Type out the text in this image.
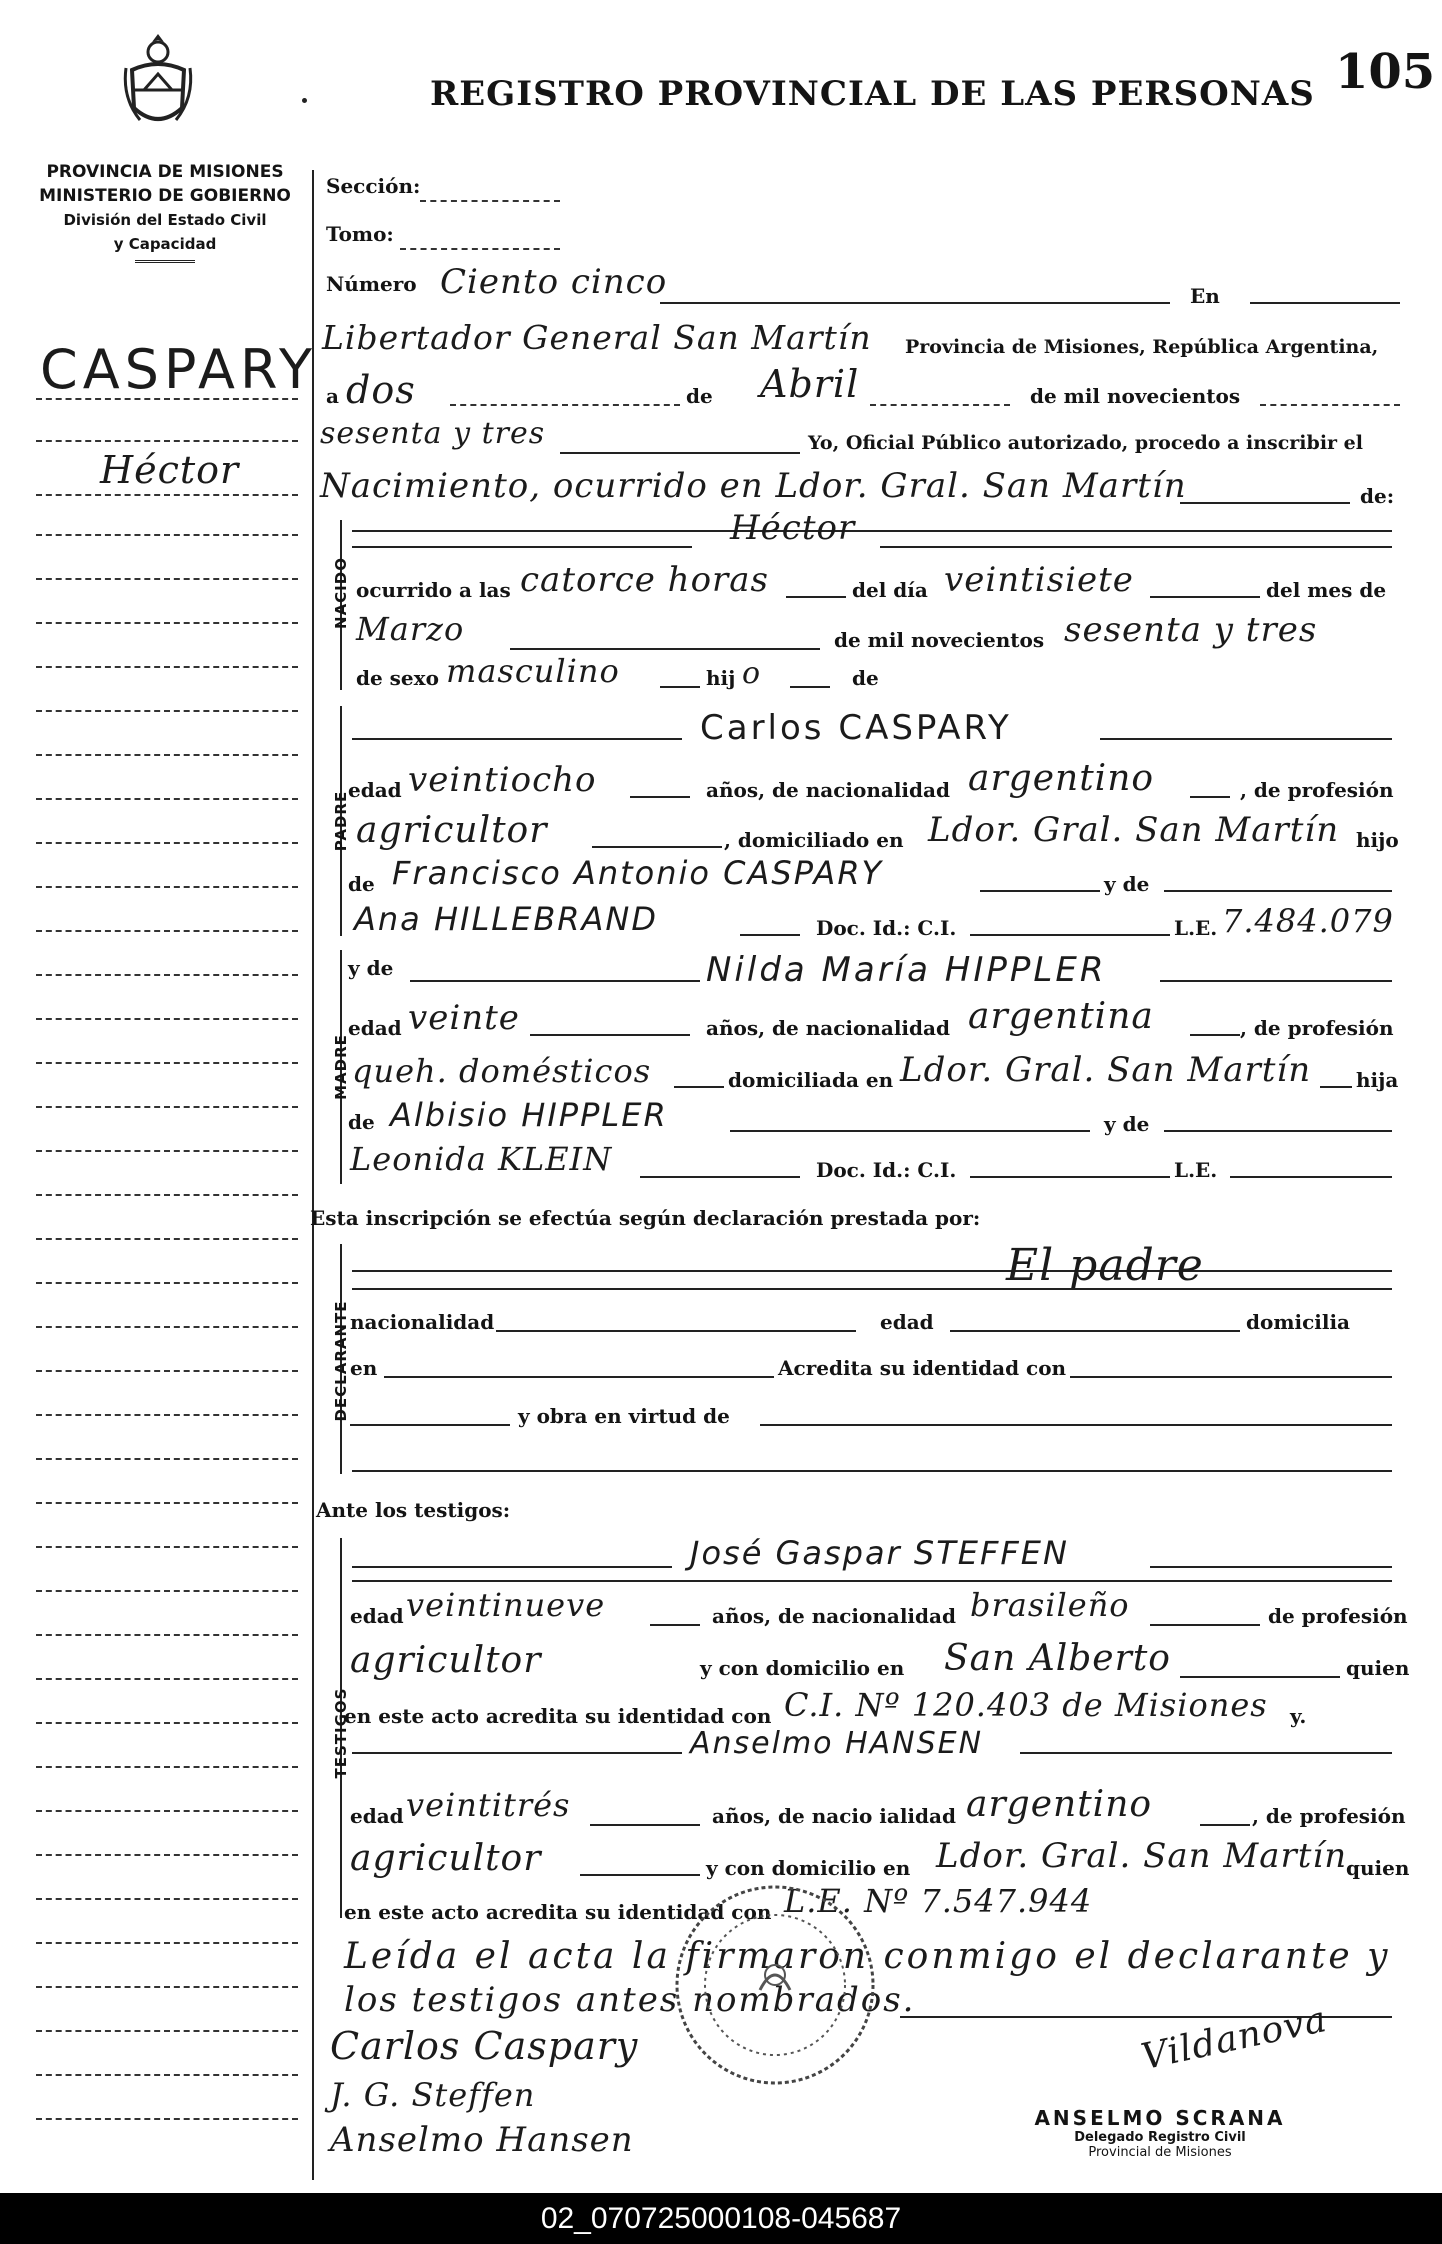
PROVINCIA DE MISIONES
MINISTERIO DE GOBIERNO
División del Estado Civil
y Capacidad
REGISTRO PROVINCIAL DE LAS PERSONAS 105
CASPARY
Héctor
Sección:
Tomo:
Número Ciento cinco	En
Libertador General San Martín Provincia de Misiones, República Argentina,
a dos	de Abril	de mil novecientos
sesenta y tres	Yo, Oficial Público autorizado, procedo a inscribir el
Nacimiento, ocurrido en Ldor. Gral. San Martín	de:
NACIDO
Héctor
ocurrido a las catorce horas	del día veintisiete	del mes de
Marzo	de mil novecientos sesenta y tres
de sexo masculino	hij o	de
PADRE
Carlos CASPARY
edad veintiocho	años, de nacionalidad argentino	, de profesión
agricultor	, domiciliado en Ldor. Gral. San Martín hijo
de Francisco Antonio CASPARY	y de
Ana HILLEBRAND	Doc. Id.: C.I.	L.E. 7.484.079
MADRE
y de	Nilda María HIPPLER
edad veinte	años, de nacionalidad argentina	, de profesión
queh. domésticos	domiciliada en Ldor. Gral. San Martín hija
de Albisio HIPPLER	y de
Leonida KLEIN	Doc. Id.: C.I.	L.E.
Esta inscripción se efectúa según declaración prestada por:
DECLARANTE
El padre
nacionalidad	edad	domicilia
en	Acredita su identidad con
y obra en virtud de
Ante los testigos:
TESTIGOS
José Gaspar STEFFEN
edad veintinueve	años, de nacionalidad brasileño	de profesión
agricultor	y con domicilio en San Alberto	quien
en este acto acredita su identidad con C.I. Nº 120.403 de Misiones y.
Anselmo HANSEN
edad veintitrés	años, de nacio ialidad argentino	, de profesión
agricultor	y con domicilio en Ldor. Gral. San Martín
quien
en este acto acredita su identidad con L.E. Nº 7.547.944
Leída el acta la firmaron conmigo el declarante y
los testigos antes nombrados.
Carlos Caspary
J. G. Steffen
Anselmo Hansen
Vildanova
ANSELMO SCRANA
Delegado Registro Civil
Provincial de Misiones
02_070725000108-045687
